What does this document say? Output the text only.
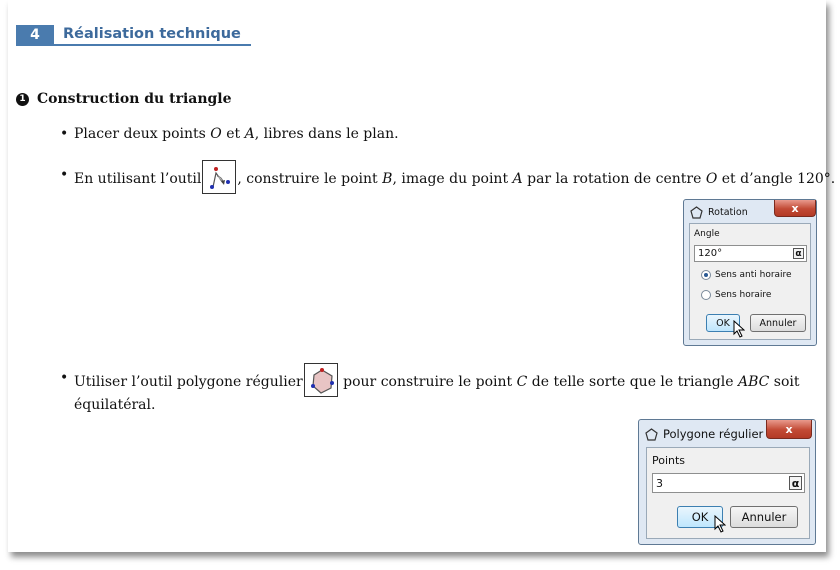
4	Réalisation technique
1 Construction du triangle
• Placer deux points O et A, libres dans le plan.
• En utilisant l’outil	, construire le point B, image du point A par la rotation de centre O et d’angle 120°.
Rotation	x
Angle
120°	α
Sens anti horaire
Sens horaire
OK	Annuler
• Utiliser l’outil polygone régulier	pour construire le point C de telle sorte que le triangle ABC soit
équilatéral.
Polygone régulier x
Points
3	α
OK	Annuler
